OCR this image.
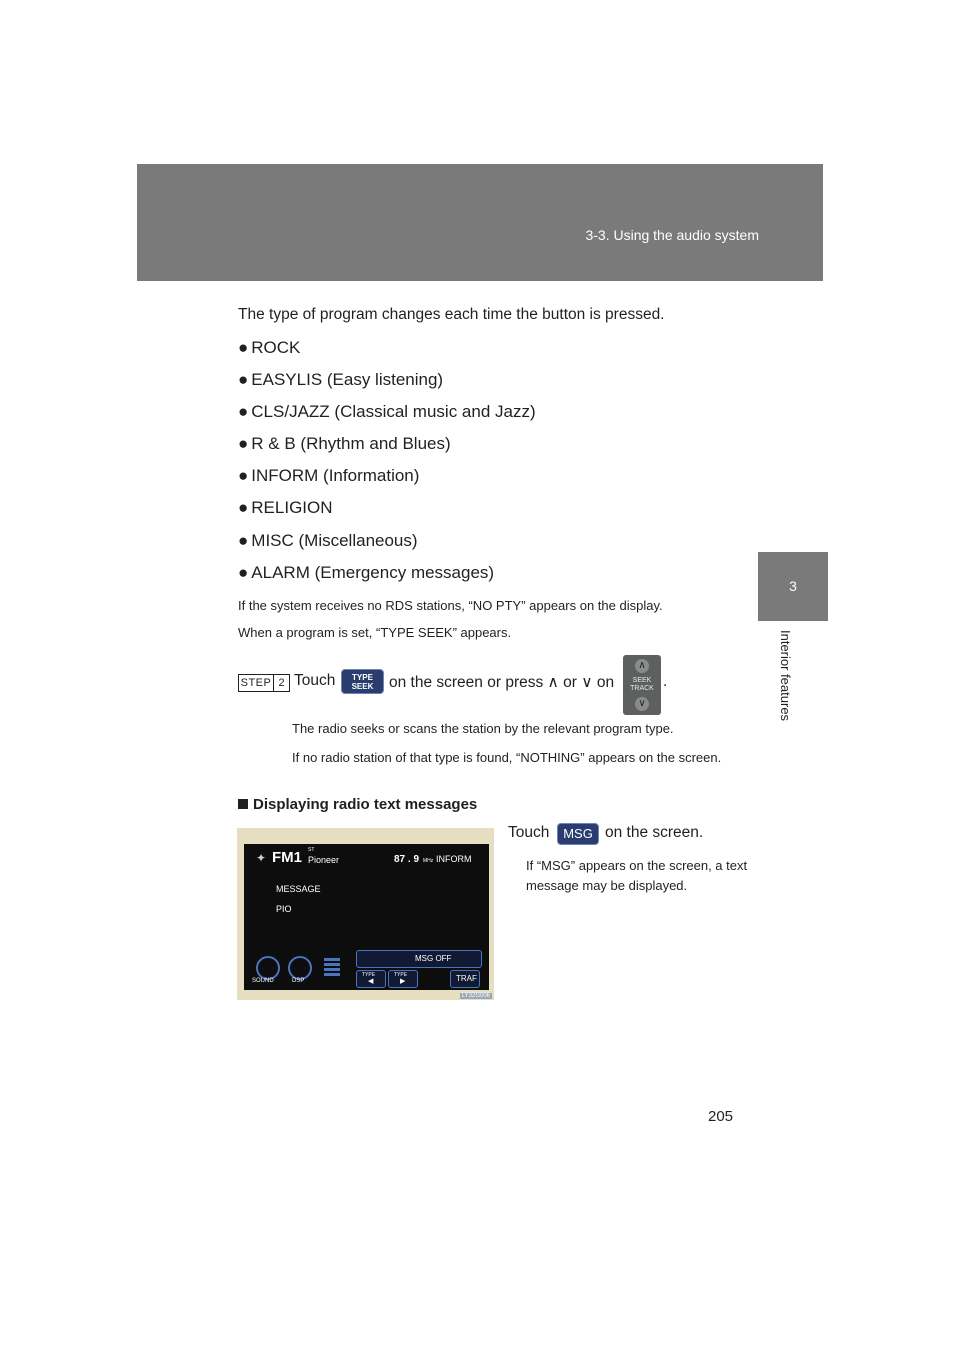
3-3. Using the audio system
3
Interior features
The type of program changes each time the button is pressed.
● ROCK
● EASYLIS (Easy listening)
● CLS/JAZZ (Classical music and Jazz)
● R & B (Rhythm and Blues)
● INFORM (Information)
● RELIGION
● MISC (Miscellaneous)
● ALARM (Emergency messages)
If the system receives no RDS stations, “NO PTY” appears on the display.
When a program is set, “TYPE SEEK” appears.
STEP 2 Touch	TYPE
SEEK	on the screen or press ∧ or ∨ on
∧
SEEK
TRACK
∨
.
The radio seeks or scans the station by the relevant program type.
If no radio station of that type is found, “NOTHING” appears on the screen.
Displaying radio text messages
Touch	MSG on the screen.
If “MSG” appears on the screen, a text message may be displayed.
✦ FM1 ST
Pioneer	87 . 9 MHz INFORM
MESSAGE
PIO
MSG OFF
TYPE
◀
TYPE
▶	TRAF
SOUND	DSP
LY32G006
205
